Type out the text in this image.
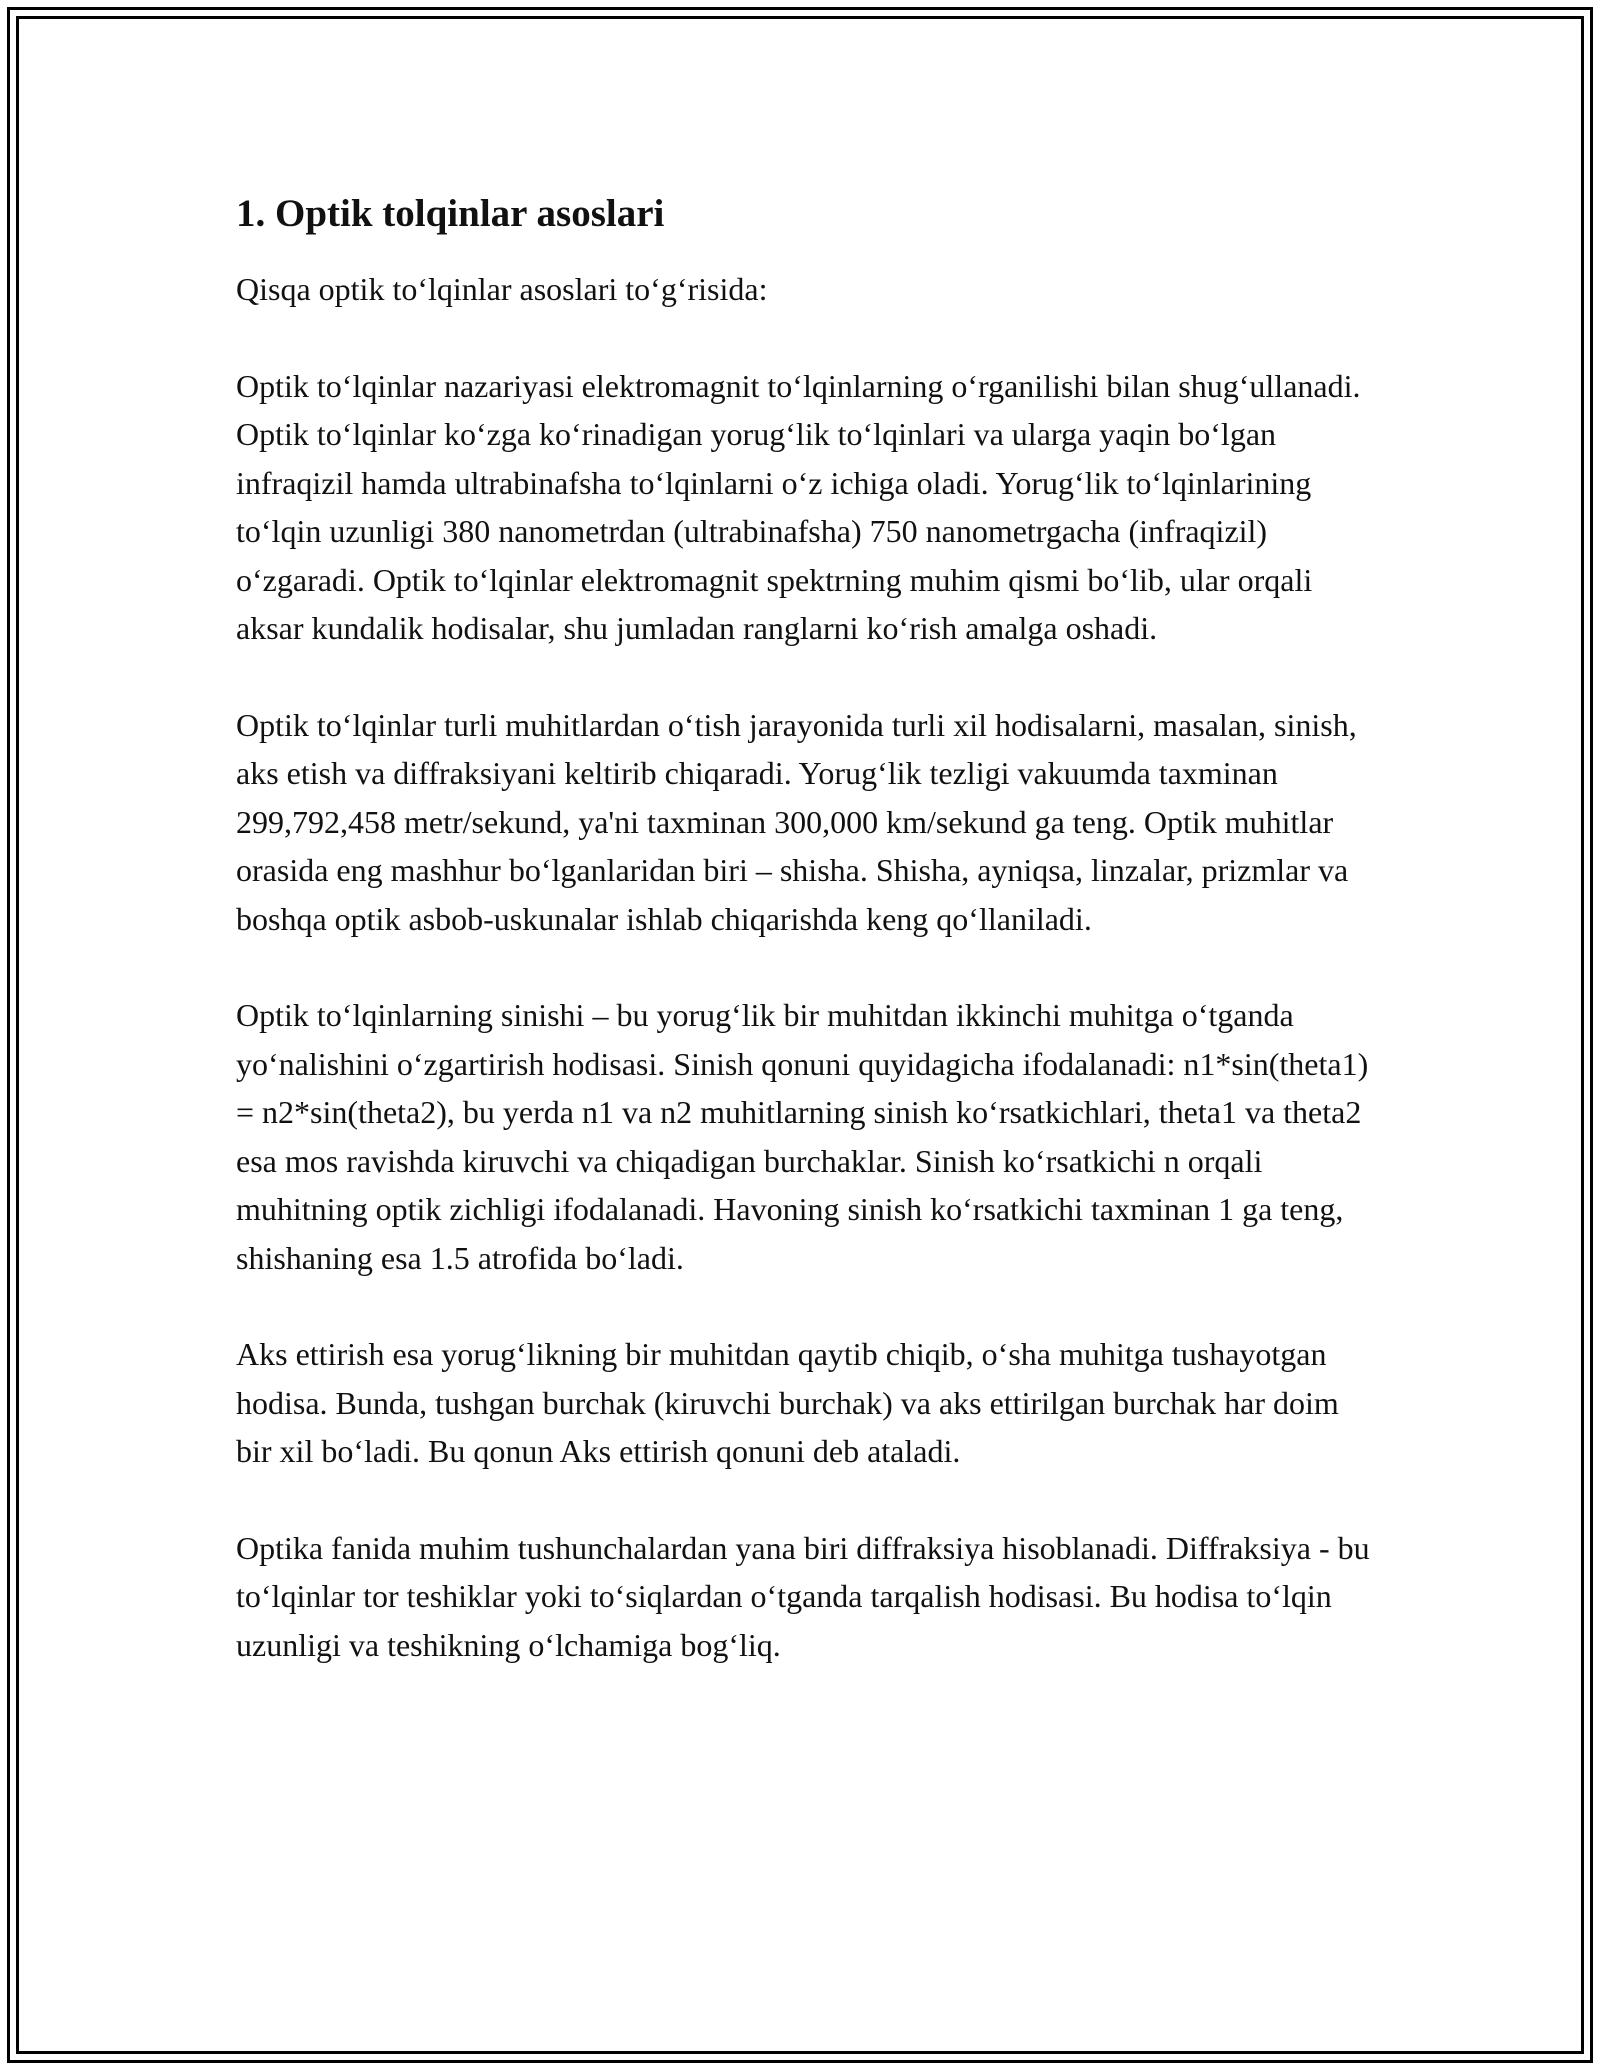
1. Optik tolqinlar asoslari

Qisqa optik to‘lqinlar asoslari to‘g‘risida:

Optik to‘lqinlar nazariyasi elektromagnit to‘lqinlarning o‘rganilishi bilan shug‘ullanadi. Optik to‘lqinlar ko‘zga ko‘rinadigan yorug‘lik to‘lqinlari va ularga yaqin bo‘lgan infraqizil hamda ultrabinafsha to‘lqinlarni o‘z ichiga oladi. Yorug‘lik to‘lqinlarining to‘lqin uzunligi 380 nanometrdan (ultrabinafsha) 750 nanometrgacha (infraqizil) o‘zgaradi. Optik to‘lqinlar elektromagnit spektrning muhim qismi bo‘lib, ular orqali aksar kundalik hodisalar, shu jumladan ranglarni ko‘rish amalga oshadi.

Optik to‘lqinlar turli muhitlardan o‘tish jarayonida turli xil hodisalarni, masalan, sinish, aks etish va diffraksiyani keltirib chiqaradi. Yorug‘lik tezligi vakuumda taxminan 299,792,458 metr/sekund, ya'ni taxminan 300,000 km/sekund ga teng. Optik muhitlar orasida eng mashhur bo‘lganlaridan biri – shisha. Shisha, ayniqsa, linzalar, prizmlar va boshqa optik asbob-uskunalar ishlab chiqarishda keng qo‘llaniladi.

Optik to‘lqinlarning sinishi – bu yorug‘lik bir muhitdan ikkinchi muhitga o‘tganda yo‘nalishini o‘zgartirish hodisasi. Sinish qonuni quyidagicha ifodalanadi: n1*sin(theta1) = n2*sin(theta2), bu yerda n1 va n2 muhitlarning sinish ko‘rsatkichlari, theta1 va theta2 esa mos ravishda kiruvchi va chiqadigan burchaklar. Sinish ko‘rsatkichi n orqali muhitning optik zichligi ifodalanadi. Havoning sinish ko‘rsatkichi taxminan 1 ga teng, shishaning esa 1.5 atrofida bo‘ladi.

Aks ettirish esa yorug‘likning bir muhitdan qaytib chiqib, o‘sha muhitga tushayotgan hodisa. Bunda, tushgan burchak (kiruvchi burchak) va aks ettirilgan burchak har doim bir xil bo‘ladi. Bu qonun Aks ettirish qonuni deb ataladi.

Optika fanida muhim tushunchalardan yana biri diffraksiya hisoblanadi. Diffraksiya - bu to‘lqinlar tor teshiklar yoki to‘siqlardan o‘tganda tarqalish hodisasi. Bu hodisa to‘lqin uzunligi va teshikning o‘lchamiga bog‘liq.
